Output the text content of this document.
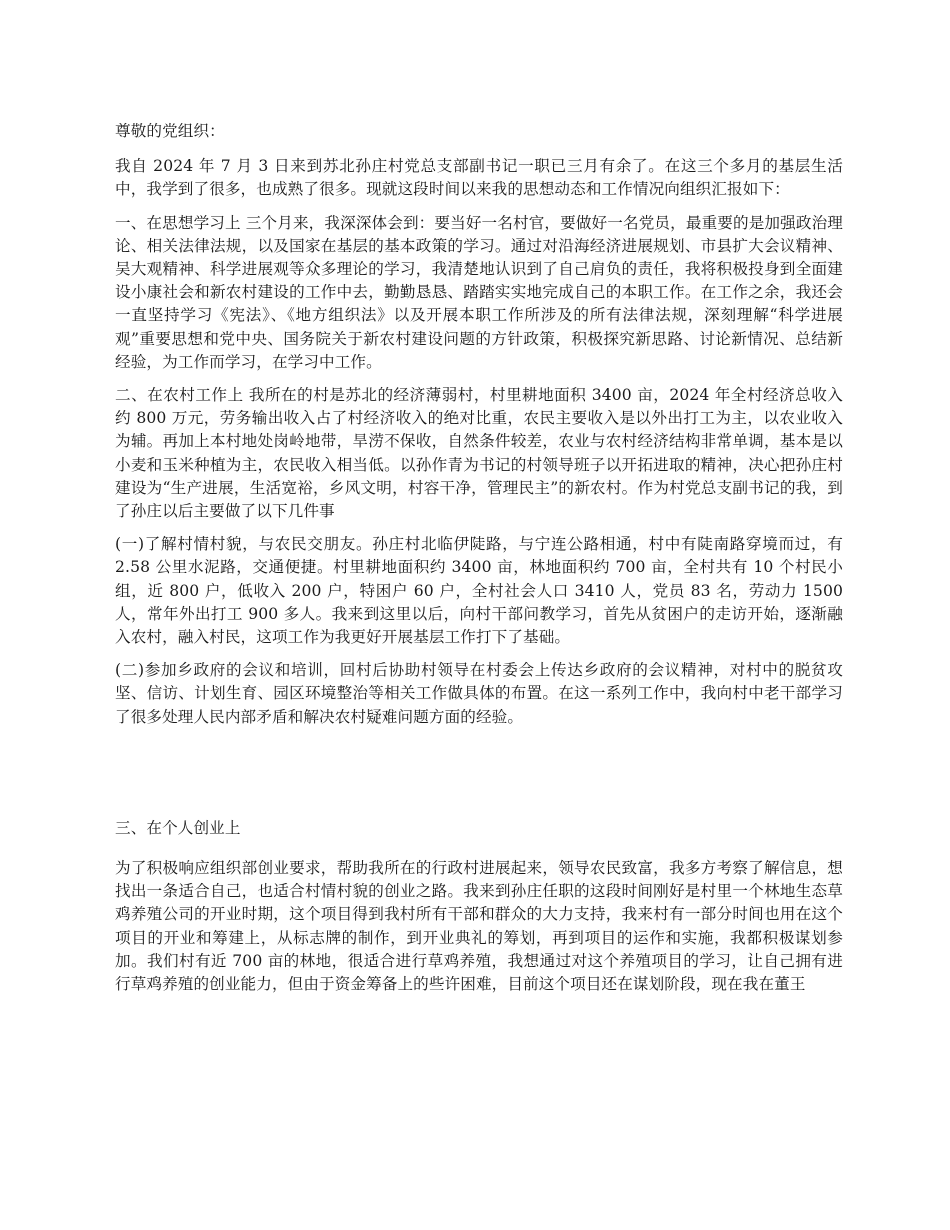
尊敬的党组织：

我自 2024 年 7 月 3 日来到苏北孙庄村党总支部副书记一职已三月有余了。在这三个多月的基层生活中，我学到了很多，也成熟了很多。现就这段时间以来我的思想动态和工作情况向组织汇报如下：

一、在思想学习上 三个月来，我深深体会到：要当好一名村官，要做好一名党员，最重要的是加强政治理论、相关法律法规，以及国家在基层的基本政策的学习。通过对沿海经济进展规划、市县扩大会议精神、吴大观精神、科学进展观等众多理论的学习，我清楚地认识到了自己肩负的责任，我将积极投身到全面建设小康社会和新农村建设的工作中去，勤勤恳恳、踏踏实实地完成自己的本职工作。在工作之余，我还会一直坚持学习《宪法》、《地方组织法》以及开展本职工作所涉及的所有法律法规，深刻理解“科学进展观”重要思想和党中央、国务院关于新农村建设问题的方针政策，积极探究新思路、讨论新情况、总结新经验，为工作而学习，在学习中工作。

二、在农村工作上 我所在的村是苏北的经济薄弱村，村里耕地面积 3400 亩，2024 年全村经济总收入约 800 万元，劳务输出收入占了村经济收入的绝对比重，农民主要收入是以外出打工为主，以农业收入为辅。再加上本村地处岗岭地带，旱涝不保收，自然条件较差，农业与农村经济结构非常单调，基本是以小麦和玉米种植为主，农民收入相当低。以孙作青为书记的村领导班子以开拓进取的精神，决心把孙庄村建设为“生产进展，生活宽裕，乡风文明，村容干净，管理民主”的新农村。作为村党总支副书记的我，到了孙庄以后主要做了以下几件事

(一)了解村情村貌，与农民交朋友。孙庄村北临伊陡路，与宁连公路相通，村中有陡南路穿境而过，有 2.58 公里水泥路，交通便捷。村里耕地面积约 3400 亩，林地面积约 700 亩，全村共有 10 个村民小组，近 800 户，低收入 200 户，特困户 60 户，全村社会人口 3410 人，党员 83 名，劳动力 1500 人，常年外出打工 900 多人。我来到这里以后，向村干部问教学习，首先从贫困户的走访开始，逐渐融入农村，融入村民，这项工作为我更好开展基层工作打下了基础。

(二)参加乡政府的会议和培训，回村后协助村领导在村委会上传达乡政府的会议精神，对村中的脱贫攻坚、信访、计划生育、园区环境整治等相关工作做具体的布置。在这一系列工作中，我向村中老干部学习了很多处理人民内部矛盾和解决农村疑难问题方面的经验。

三、在个人创业上

为了积极响应组织部创业要求，帮助我所在的行政村进展起来，领导农民致富，我多方考察了解信息，想找出一条适合自己，也适合村情村貌的创业之路。我来到孙庄任职的这段时间刚好是村里一个林地生态草鸡养殖公司的开业时期，这个项目得到我村所有干部和群众的大力支持，我来村有一部分时间也用在这个项目的开业和筹建上，从标志牌的制作，到开业典礼的筹划，再到项目的运作和实施，我都积极谋划参加。我们村有近 700 亩的林地，很适合进行草鸡养殖，我想通过对这个养殖项目的学习，让自己拥有进行草鸡养殖的创业能力，但由于资金筹备上的些许困难，目前这个项目还在谋划阶段，现在我在董王
